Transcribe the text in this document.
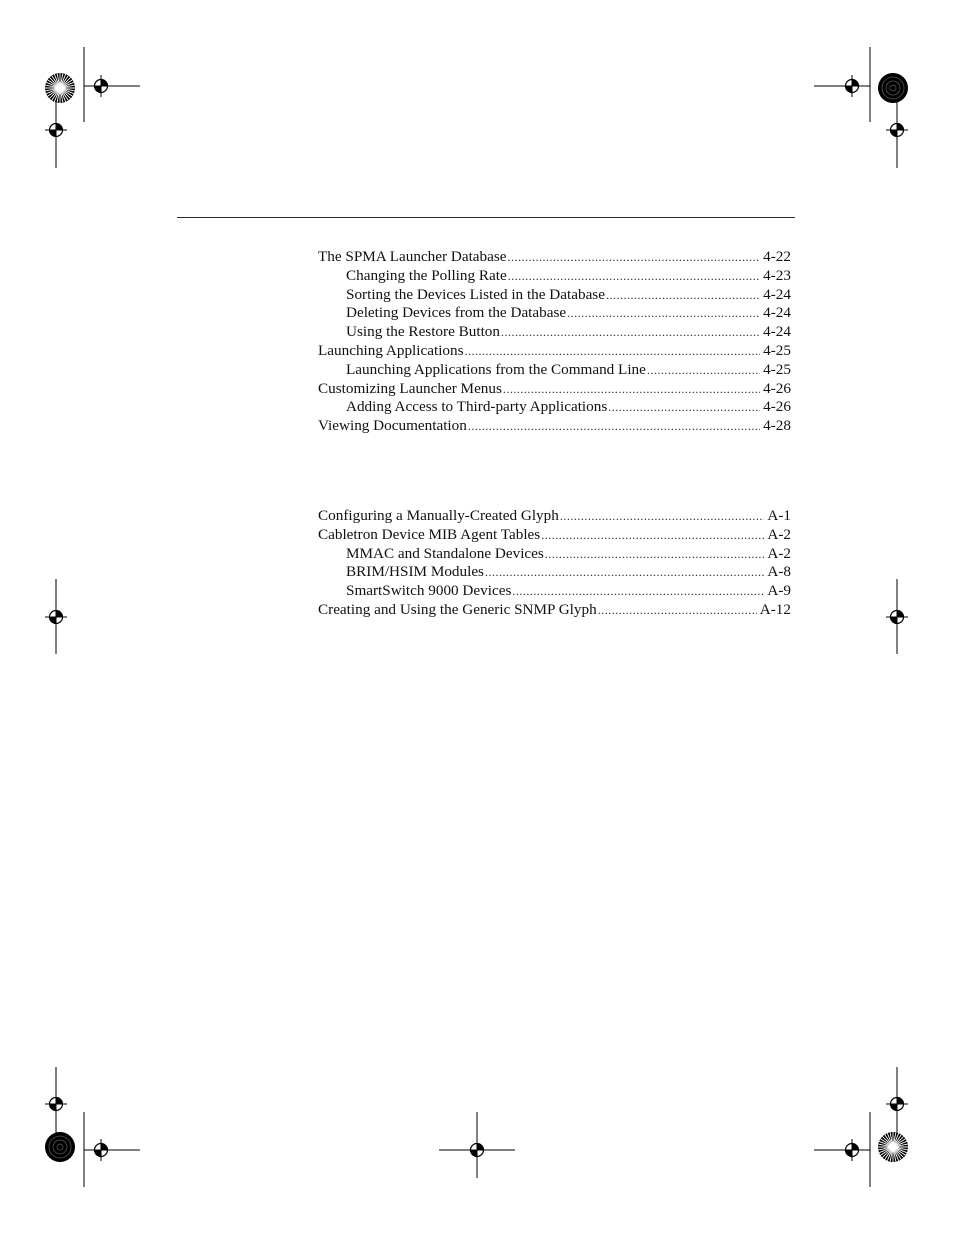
The SPMA Launcher Database .....	4-22
Changing the Polling Rate .....	4-23
Sorting the Devices Listed in the Database .....	4-24
Deleting Devices from the Database .....	4-24
Using the Restore Button .....	4-24
Launching Applications .....	4-25
Launching Applications from the Command Line .....	4-25
Customizing Launcher Menus .....	4-26
Adding Access to Third-party Applications .....	4-26
Viewing Documentation .....	4-28
Configuring a Manually-Created Glyph .....	A-1
Cabletron Device MIB Agent Tables .....	A-2
MMAC and Standalone Devices .....	A-2
BRIM/HSIM Modules .....	A-8
SmartSwitch 9000 Devices .....	A-9
Creating and Using the Generic SNMP Glyph .....	A-12
